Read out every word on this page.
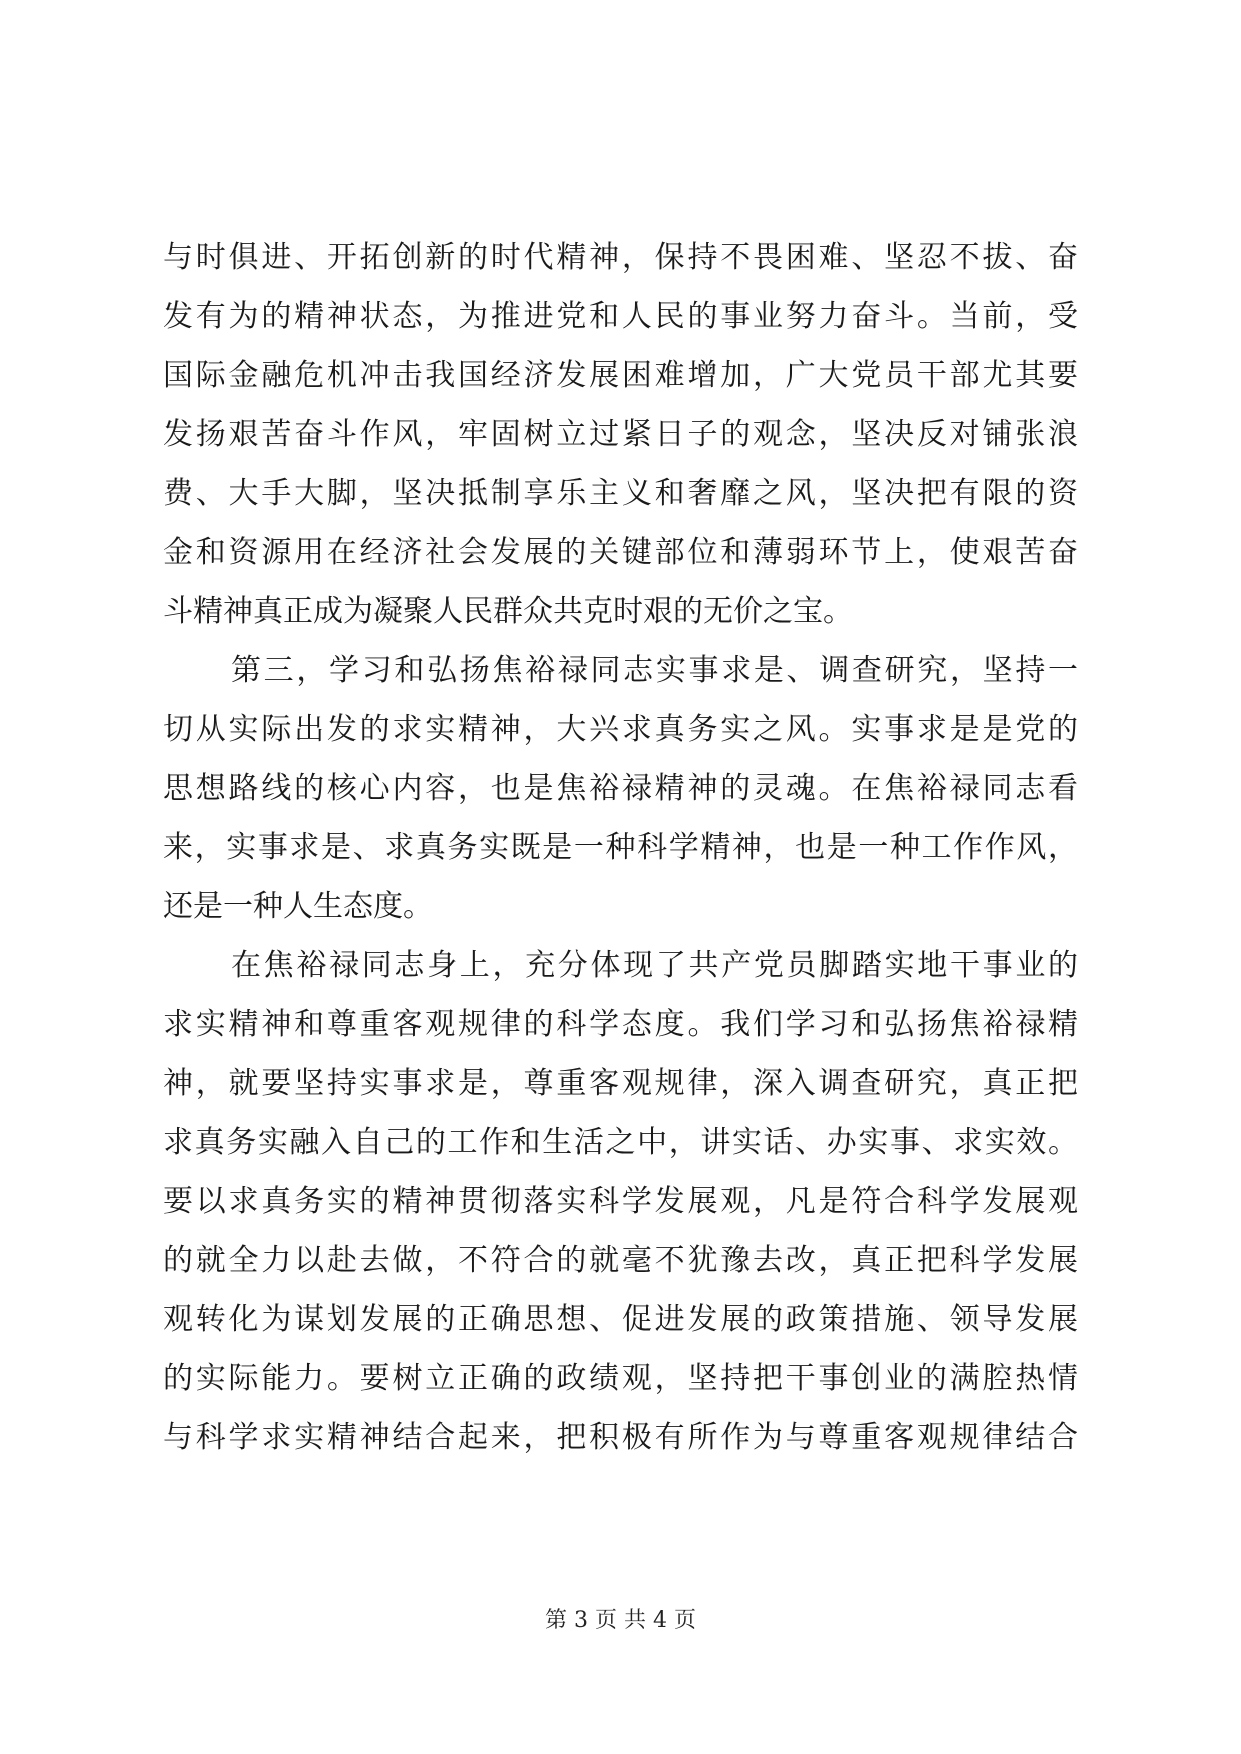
与时俱进、开拓创新的时代精神，保持不畏困难、坚忍不拔、奋
发有为的精神状态，为推进党和人民的事业努力奋斗。当前，受
国际金融危机冲击我国经济发展困难增加，广大党员干部尤其要
发扬艰苦奋斗作风，牢固树立过紧日子的观念，坚决反对铺张浪
费、大手大脚，坚决抵制享乐主义和奢靡之风，坚决把有限的资
金和资源用在经济社会发展的关键部位和薄弱环节上，使艰苦奋
斗精神真正成为凝聚人民群众共克时艰的无价之宝。
第三，学习和弘扬焦裕禄同志实事求是、调查研究，坚持一
切从实际出发的求实精神，大兴求真务实之风。实事求是是党的
思想路线的核心内容，也是焦裕禄精神的灵魂。在焦裕禄同志看
来，实事求是、求真务实既是一种科学精神，也是一种工作作风，
还是一种人生态度。
在焦裕禄同志身上，充分体现了共产党员脚踏实地干事业的
求实精神和尊重客观规律的科学态度。我们学习和弘扬焦裕禄精
神，就要坚持实事求是，尊重客观规律，深入调查研究，真正把
求真务实融入自己的工作和生活之中，讲实话、办实事、求实效。
要以求真务实的精神贯彻落实科学发展观，凡是符合科学发展观
的就全力以赴去做，不符合的就毫不犹豫去改，真正把科学发展
观转化为谋划发展的正确思想、促进发展的政策措施、领导发展
的实际能力。要树立正确的政绩观，坚持把干事创业的满腔热情
与科学求实精神结合起来，把积极有所作为与尊重客观规律结合
第 3 页 共 4 页
